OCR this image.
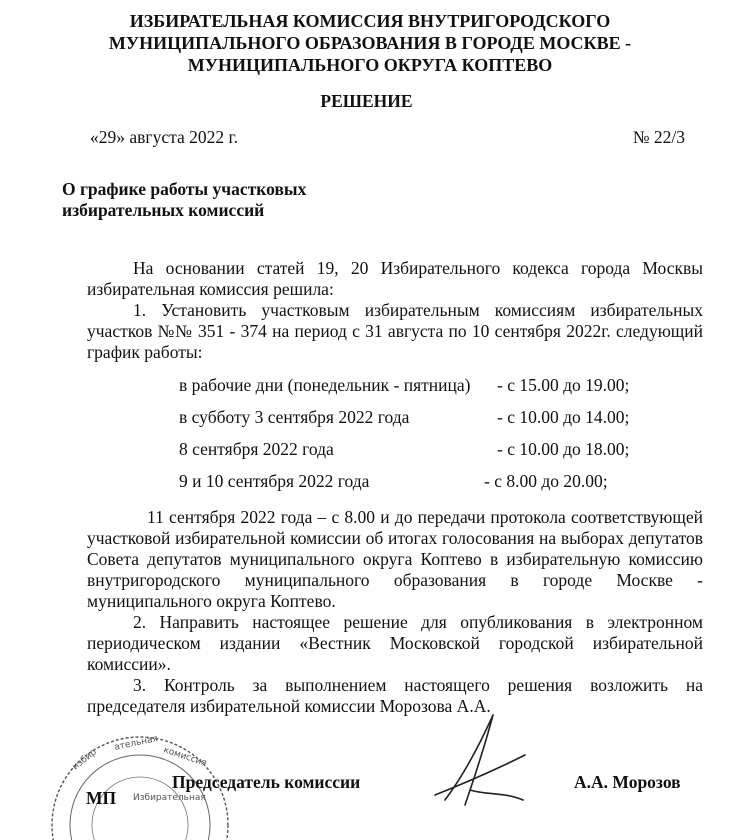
ИЗБИРАТЕЛЬНАЯ КОМИССИЯ ВНУТРИГОРОДСКОГО
МУНИЦИПАЛЬНОГО ОБРАЗОВАНИЯ В ГОРОДЕ МОСКВЕ -
МУНИЦИПАЛЬНОГО ОКРУГА КОПТЕВО
РЕШЕНИЕ
«29» августа 2022 г.	№ 22/3
О графике работы участковых
избирательных комиссий

На основании статей 19, 20 Избирательного кодекса города Москвы избирательная комиссия решила:

1. Установить участковым избирательным комиссиям избирательных участков №№ 351 - 374 на период с 31 августа по 10 сентября 2022г. следующий график работы:

в рабочие дни (понедельник - пятница) - с 15.00 до 19.00;
в субботу 3 сентября 2022 года	- с 10.00 до 14.00;
8 сентября 2022 года	- с 10.00 до 18.00;
9 и 10 сентября 2022 года	- с 8.00 до 20.00;

11 сентября 2022 года – с 8.00 и до передачи протокола соответствующей участковой избирательной комиссии об итогах голосования на выборах депутатов Совета депутатов муниципального округа Коптево в избирательную комиссию внутригородского муниципального образования в городе Москве - муниципального округа Коптево.

2. Направить настоящее решение для опубликования в электронном периодическом издании «Вестник Московской городской избирательной комиссии».

3. Контроль за выполнением настоящего решения возложить на председателя избирательной комиссии Морозова А.А.

избир
ательная
комиссия
Избирательная
Председатель комиссии	А.А. Морозов
МП
